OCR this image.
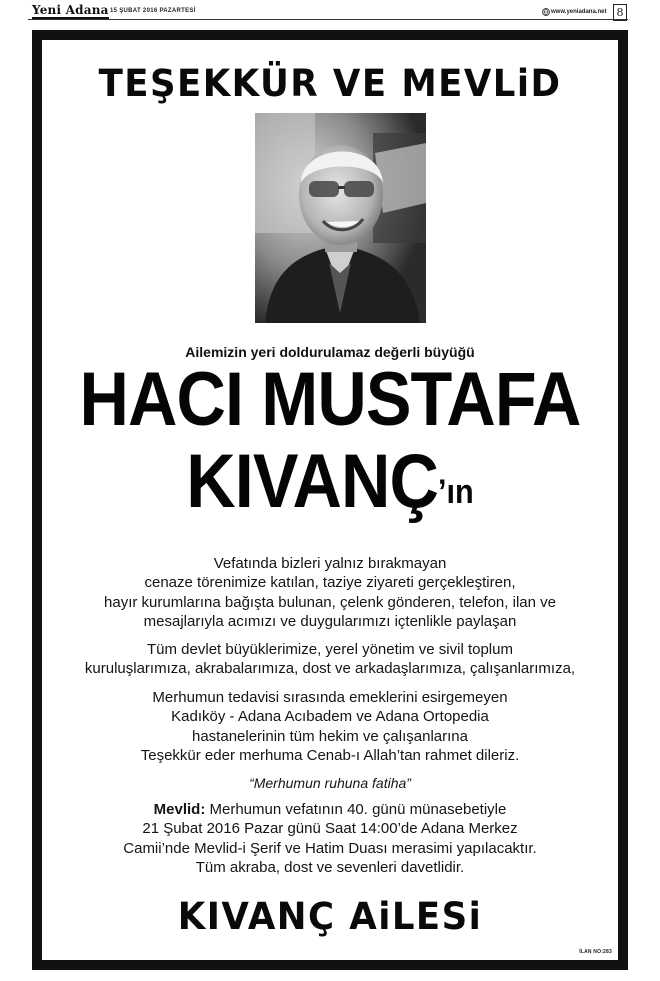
Yeni Adana 15 ŞUBAT 2016 PAZARTESİ	www.yeniadana.net 8
TEŞEKKÜR VE MEVLiD
Ailemizin yeri doldurulamaz değerli büyüğü
HACI MUSTAFA
KIVANÇ’ın
Vefatında bizleri yalnız bırakmayan
cenaze törenimize katılan, taziye ziyareti gerçekleştiren,
hayır kurumlarına bağışta bulunan, çelenk gönderen, telefon, ilan ve
mesajlarıyla acımızı ve duygularımızı içtenlikle paylaşan
Tüm devlet büyüklerimize, yerel yönetim ve sivil toplum
kuruluşlarımıza, akrabalarımıza, dost ve arkadaşlarımıza, çalışanlarımıza,
Merhumun tedavisi sırasında emeklerini esirgemeyen
Kadıköy - Adana Acıbadem ve Adana Ortopedia
hastanelerinin tüm hekim ve çalışanlarına
Teşekkür eder merhuma Cenab-ı Allah’tan rahmet dileriz.
“Merhumun ruhuna fatiha”
Mevlid: Merhumun vefatının 40. günü münasebetiyle
21 Şubat 2016 Pazar günü Saat 14:00’de Adana Merkez
Camii’nde Mevlid-i Şerif ve Hatim Duası merasimi yapılacaktır.
Tüm akraba, dost ve sevenleri davetlidir.
KIVANÇ AiLESi
İLAN NO:283
